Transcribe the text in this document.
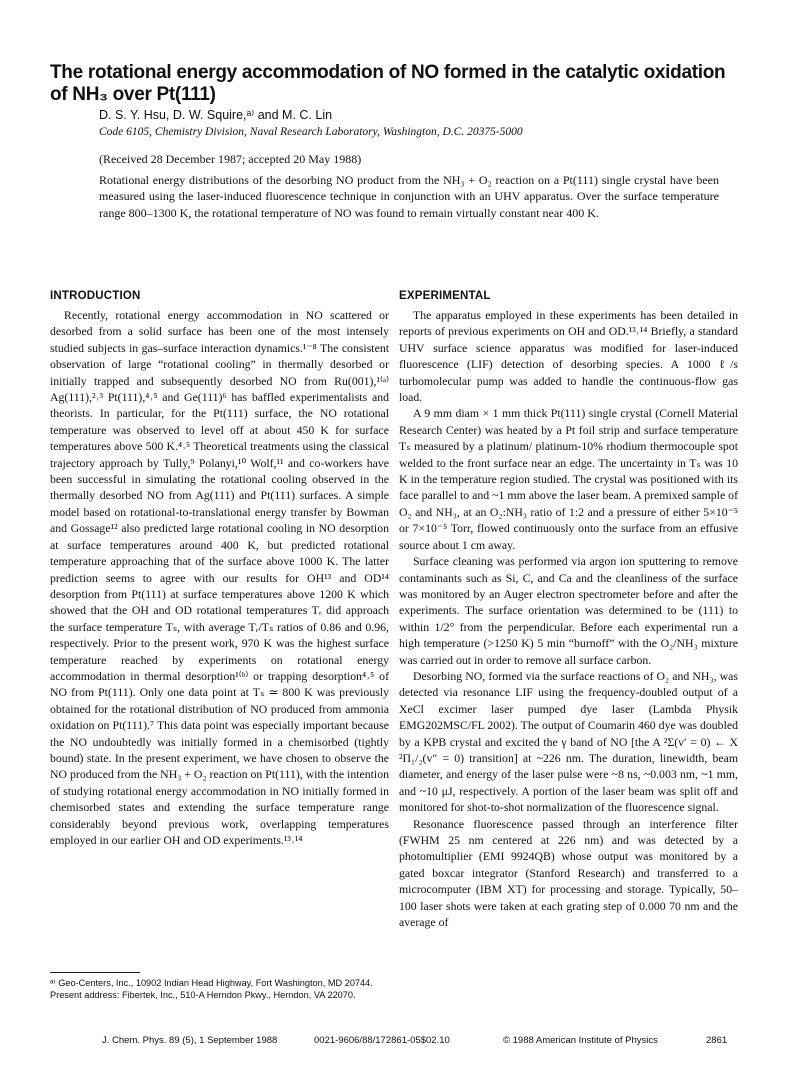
The rotational energy accommodation of NO formed in the catalytic oxidation of NH₃ over Pt(111)

D. S. Y. Hsu, D. W. Squire,ᵃ⁾ and M. C. Lin

Code 6105, Chemistry Division, Naval Research Laboratory, Washington, D.C. 20375-5000

(Received 28 December 1987; accepted 20 May 1988)

Rotational energy distributions of the desorbing NO product from the NH₃ + O₂ reaction on a Pt(111) single crystal have been measured using the laser-induced fluorescence technique in conjunction with an UHV apparatus. Over the surface temperature range 800–1300 K, the rotational temperature of NO was found to remain virtually constant near 400 K.

INTRODUCTION

Recently, rotational energy accommodation in NO scattered or desorbed from a solid surface has been one of the most intensely studied subjects in gas–surface interaction dynamics.¹⁻⁸ The consistent observation of large “rotational cooling” in thermally desorbed or initially trapped and subsequently desorbed NO from Ru(001),¹⁽ᵃ⁾ Ag(111),²˒³ Pt(111),⁴˒⁵ and Ge(111)⁶ has baffled experimentalists and theorists. In particular, for the Pt(111) surface, the NO rotational temperature was observed to level off at about 450 K for surface temperatures above 500 K.⁴˒⁵ Theoretical treatments using the classical trajectory approach by Tully,⁹ Polanyi,¹⁰ Wolf,¹¹ and co-workers have been successful in simulating the rotational cooling observed in the thermally desorbed NO from Ag(111) and Pt(111) surfaces. A simple model based on rotational-to-translational energy transfer by Bowman and Gossage¹² also predicted large rotational cooling in NO desorption at surface temperatures around 400 K, but predicted rotational temperature approaching that of the surface above 1000 K. The latter prediction seems to agree with our results for OH¹³ and OD¹⁴ desorption from Pt(111) at surface temperatures above 1200 K which showed that the OH and OD rotational temperatures Tᵣ did approach the surface temperature Tₛ, with average Tᵣ/Tₛ ratios of 0.86 and 0.96, respectively. Prior to the present work, 970 K was the highest surface temperature reached by experiments on rotational energy accommodation in thermal desorption¹⁽ᵇ⁾ or trapping desorption⁴˒⁵ of NO from Pt(111). Only one data point at Tₛ ≃ 800 K was previously obtained for the rotational distribution of NO produced from ammonia oxidation on Pt(111).⁷ This data point was especially important because the NO undoubtedly was initially formed in a chemisorbed (tightly bound) state. In the present experiment, we have chosen to observe the NO produced from the NH₃ + O₂ reaction on Pt(111), with the intention of studying rotational energy accommodation in NO initially formed in chemisorbed states and extending the surface temperature range considerably beyond previous work, overlapping temperatures employed in our earlier OH and OD experiments.¹³˒¹⁴

EXPERIMENTAL

The apparatus employed in these experiments has been detailed in reports of previous experiments on OH and OD.¹³˒¹⁴ Briefly, a standard UHV surface science apparatus was modified for laser-induced fluorescence (LIF) detection of desorbing species. A 1000 ℓ/s turbomolecular pump was added to handle the continuous-flow gas load.

A 9 mm diam × 1 mm thick Pt(111) single crystal (Cornell Material Research Center) was heated by a Pt foil strip and surface temperature Tₛ measured by a platinum/ platinum-10% rhodium thermocouple spot welded to the front surface near an edge. The uncertainty in Tₛ was 10 K in the temperature region studied. The crystal was positioned with its face parallel to and ~1 mm above the laser beam. A premixed sample of O₂ and NH₃, at an O₂:NH₃ ratio of 1:2 and a pressure of either 5×10⁻⁵ or 7×10⁻⁵ Torr, flowed continuously onto the surface from an effusive source about 1 cm away.

Surface cleaning was performed via argon ion sputtering to remove contaminants such as Si, C, and Ca and the cleanliness of the surface was monitored by an Auger electron spectrometer before and after the experiments. The surface orientation was determined to be (111) to within 1/2° from the perpendicular. Before each experimental run a high temperature (>1250 K) 5 min “burnoff” with the O₂/NH₃ mixture was carried out in order to remove all surface carbon.

Desorbing NO, formed via the surface reactions of O₂ and NH₃, was detected via resonance LIF using the frequency-doubled output of a XeCl excimer laser pumped dye laser (Lambda Physik EMG202MSC/FL 2002). The output of Coumarin 460 dye was doubled by a KPB crystal and excited the γ band of NO [the A ²Σ(v′ = 0) ← X ²Π₁/₂(v″ = 0) transition] at ~226 nm. The duration, linewidth, beam diameter, and energy of the laser pulse were ~8 ns, ~0.003 nm, ~1 mm, and ~10 μJ, respectively. A portion of the laser beam was split off and monitored for shot-to-shot normalization of the fluorescence signal.

Resonance fluorescence passed through an interference filter (FWHM 25 nm centered at 226 nm) and was detected by a photomultiplier (EMI 9924QB) whose output was monitored by a gated boxcar integrator (Stanford Research) and transferred to a microcomputer (IBM XT) for processing and storage. Typically, 50–100 laser shots were taken at each grating step of 0.000 70 nm and the average of

ᵃ⁾ Geo-Centers, Inc., 10902 Indian Head Highway, Fort Washington, MD 20744. Present address: Fibertek, Inc., 510-A Herndon Pkwy., Herndon, VA 22070.

J. Chem. Phys. 89 (5), 1 September 1988	0021-9606/88/172861-05$02.10	© 1988 American Institute of Physics	2861
